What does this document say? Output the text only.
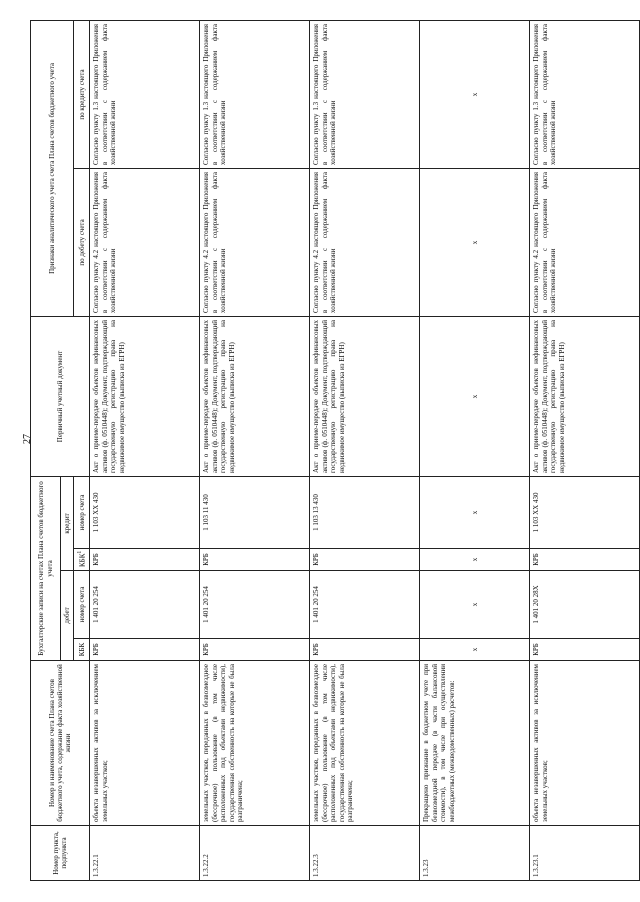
27
Номер пункта, подпункта	Номер и наименование счета Плана счетов бюджетного учета, содержание факта хозяйственной жизни	Бухгалтерские записи на счетах Плана счетов бюджетного учета				Первичный учетный документ	Признаки аналитического учета счета Плана счетов бюджетного учета	
		дебет		кредит				
		КБК	номер счета	КБК$^1$	номер счета		по дебету счета	по кредиту счета
1.3.22.1	объекта незавершенных активов за исключением земельных участков;	КРБ	1 401 20 254	КРБ	1 103 XX 430	Акт о приеме-передаче объектов нефинансовых активов (ф. 0510448); Документ, подтверждающий государственную регистрацию права на недвижимое имущество (выписка из ЕГРН)	Согласно пункту 4.2 настоящего Приложения в соответствии с содержанием факта хозяйственной жизни	Согласно пункту 1.3 настоящего Приложения в соответствии с содержанием факта хозяйственной жизни
1.3.22.2	земельных участков, переданных в безвозмездное (бессрочное) пользование (в том числе расположенных под объектами недвижимости), государственная собственность на которые не была разграничена;	КРБ	1 401 20 254	КРБ	1 103 11 430	Акт о приеме-передаче объектов нефинансовых активов (ф. 0510448); Документ, подтверждающий государственную регистрацию права на недвижимое имущество (выписка из ЕГРН)	Согласно пункту 4.2 настоящего Приложения в соответствии с содержанием факта хозяйственной жизни	Согласно пункту 1.3 настоящего Приложения в соответствии с содержанием факта хозяйственной жизни
1.3.22.3	земельных участков, переданных в безвозмездное (бессрочное) пользование (в том числе расположенных под объектами недвижимости), государственная собственность на которые не была разграничена;	КРБ	1 401 20 254	КРБ	1 103 13 430	Акт о приеме-передаче объектов нефинансовых активов (ф. 0510448); Документ, подтверждающий государственную регистрацию права на недвижимое имущество (выписка из ЕГРН)	Согласно пункту 4.2 настоящего Приложения в соответствии с содержанием факта хозяйственной жизни	Согласно пункту 1.3 настоящего Приложения в соответствии с содержанием факта хозяйственной жизни
1.3.23	Прекращено признание в бюджетном учете при безвозмездной передаче (в части балансовой стоимости), в том числе при осуществлении межбюджетных (межведомственных) расчетов:	x	x	x	x	x	x	x
1.3.23.1	объекта незавершенных активов за исключением земельных участков;	КРБ	1 401 20 28X	КРБ	1 103 XX 430	Акт о приеме-передаче объектов нефинансовых активов (ф. 0510448); Документ, подтверждающий государственную регистрацию права на недвижимое имущество (выписка из ЕГРН)	Согласно пункту 4.2 настоящего Приложения в соответствии с содержанием факта хозяйственной жизни	Согласно пункту 1.3 настоящего Приложения в соответствии с содержанием факта хозяйственной жизни
